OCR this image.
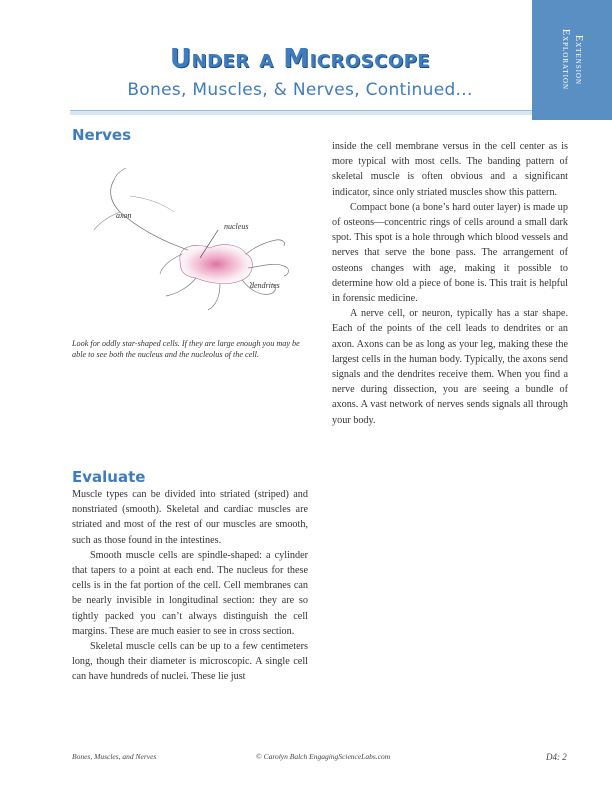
Extension
Exploration
Under a Microscope
Bones, Muscles, & Nerves, Continued...
Nerves
axon
nucleus
dendrites
Look for oddly star-shaped cells. If they are large enough you may be able to see both the nucleus and the nucleolus of the cell.

inside the cell membrane versus in the cell center as is more typical with most cells. The banding pattern of skeletal muscle is often obvious and a significant indicator, since only striated muscles show this pattern.

Compact bone (a bone’s hard outer layer) is made up of osteons—concentric rings of cells around a small dark spot. This spot is a hole through which blood vessels and nerves that serve the bone pass. The arrangement of osteons changes with age, making it possible to determine how old a piece of bone is. This trait is helpful in forensic medicine.

A nerve cell, or neuron, typically has a star shape. Each of the points of the cell leads to dendrites or an axon. Axons can be as long as your leg, making these the largest cells in the human body. Typically, the axons send signals and the dendrites receive them. When you find a nerve during dissection, you are seeing a bundle of axons. A vast network of nerves sends signals all through your body.

Evaluate

Muscle types can be divided into striated (striped) and nonstriated (smooth). Skeletal and cardiac muscles are striated and most of the rest of our muscles are smooth, such as those found in the intestines.

Smooth muscle cells are spindle-shaped: a cylinder that tapers to a point at each end. The nucleus for these cells is in the fat portion of the cell. Cell membranes can be nearly invisible in longitudinal section: they are so tightly packed you can’t always distinguish the cell margins. These are much easier to see in cross section.

Skeletal muscle cells can be up to a few centimeters long, though their diameter is microscopic. A single cell can have hundreds of nuclei. These lie just

Bones, Muscles, and Nerves	© Carolyn Balch EngagingScienceLabs.com	D4: 2
